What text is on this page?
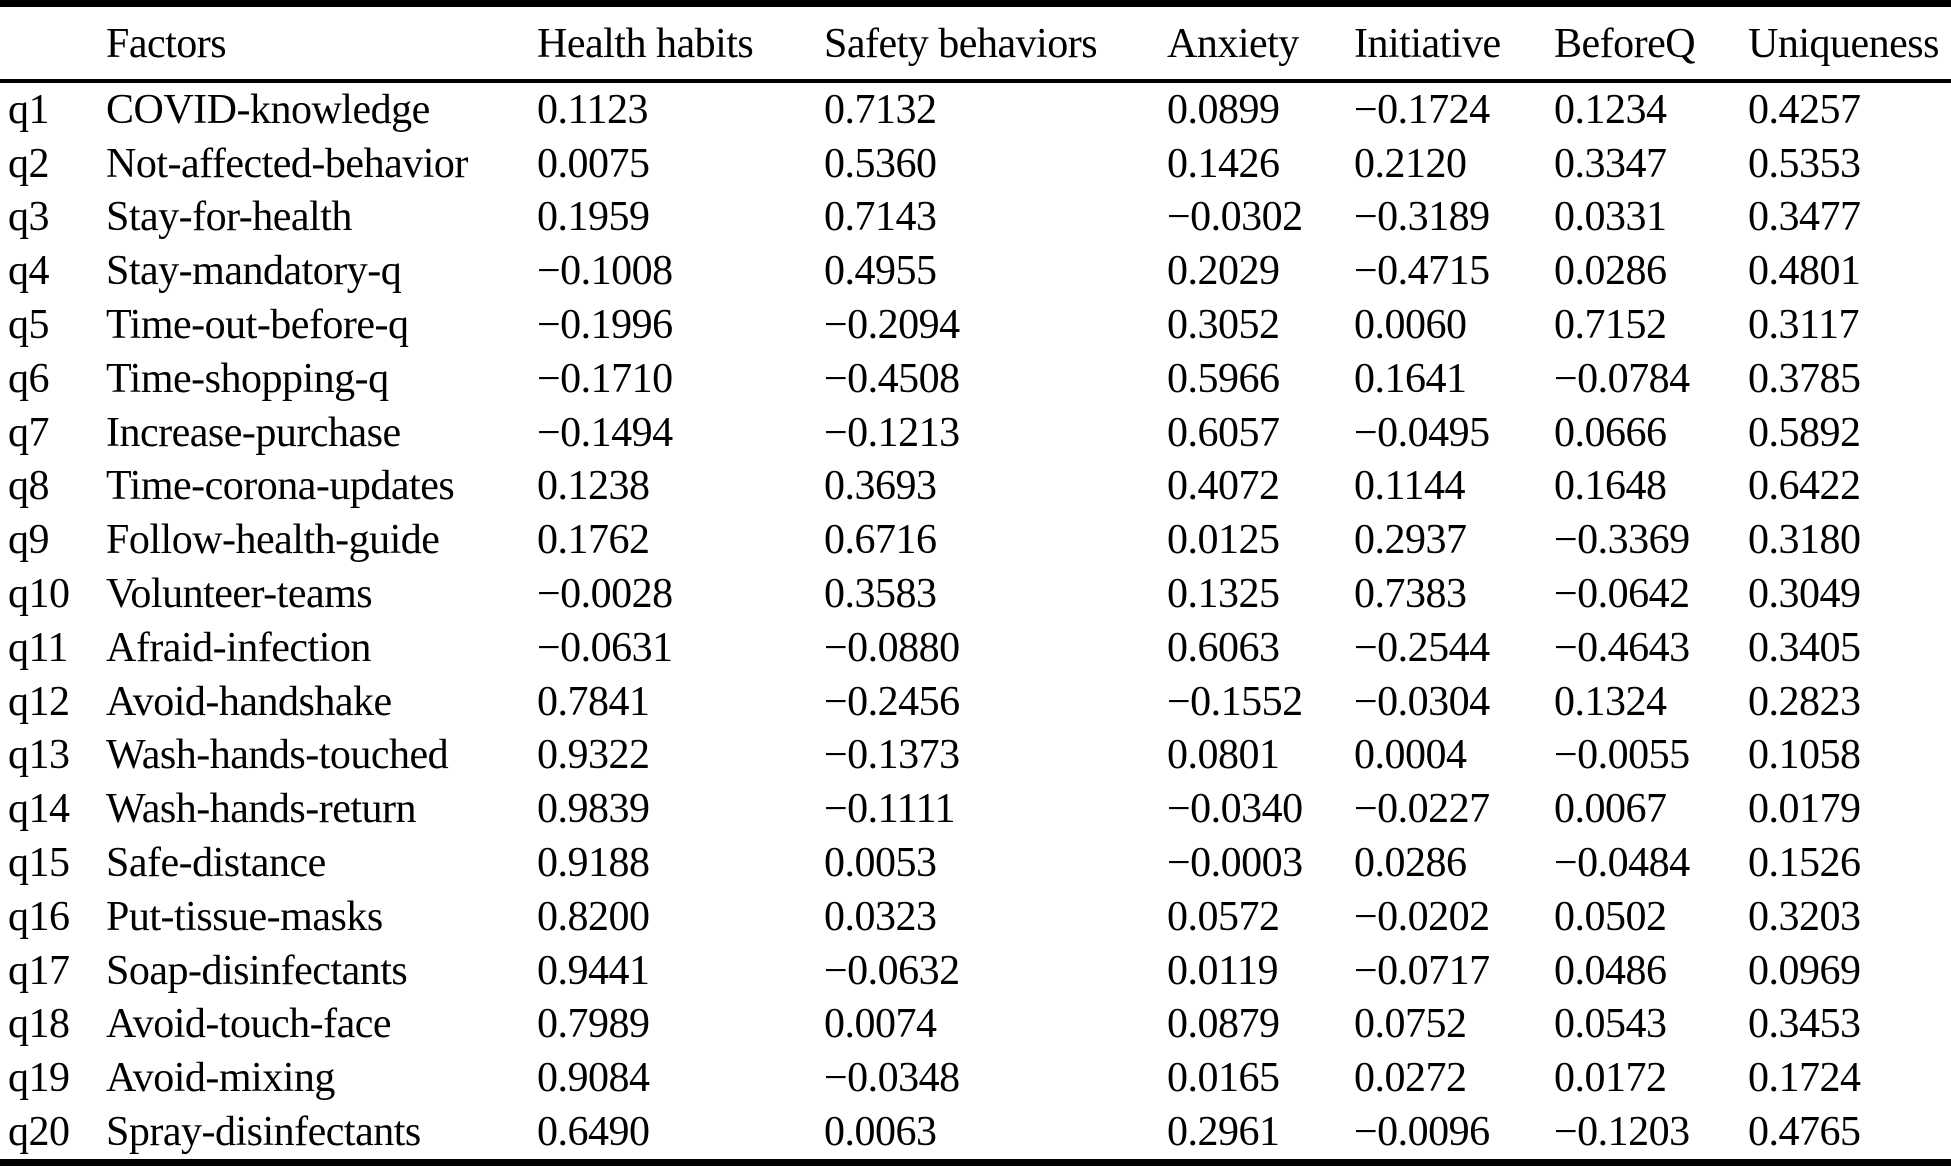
	Factors	Health habits	Safety behaviors	Anxiety	Initiative	BeforeQ	Uniqueness
q1	COVID-knowledge	0.1123	0.7132	0.0899	−0.1724	0.1234	0.4257
q2	Not-affected-behavior	0.0075	0.5360	0.1426	0.2120	0.3347	0.5353
q3	Stay-for-health	0.1959	0.7143	−0.0302	−0.3189	0.0331	0.3477
q4	Stay-mandatory-q	−0.1008	0.4955	0.2029	−0.4715	0.0286	0.4801
q5	Time-out-before-q	−0.1996	−0.2094	0.3052	0.0060	0.7152	0.3117
q6	Time-shopping-q	−0.1710	−0.4508	0.5966	0.1641	−0.0784	0.3785
q7	Increase-purchase	−0.1494	−0.1213	0.6057	−0.0495	0.0666	0.5892
q8	Time-corona-updates	0.1238	0.3693	0.4072	0.1144	0.1648	0.6422
q9	Follow-health-guide	0.1762	0.6716	0.0125	0.2937	−0.3369	0.3180
q10	Volunteer-teams	−0.0028	0.3583	0.1325	0.7383	−0.0642	0.3049
q11	Afraid-infection	−0.0631	−0.0880	0.6063	−0.2544	−0.4643	0.3405
q12	Avoid-handshake	0.7841	−0.2456	−0.1552	−0.0304	0.1324	0.2823
q13	Wash-hands-touched	0.9322	−0.1373	0.0801	0.0004	−0.0055	0.1058
q14	Wash-hands-return	0.9839	−0.1111	−0.0340	−0.0227	0.0067	0.0179
q15	Safe-distance	0.9188	0.0053	−0.0003	0.0286	−0.0484	0.1526
q16	Put-tissue-masks	0.8200	0.0323	0.0572	−0.0202	0.0502	0.3203
q17	Soap-disinfectants	0.9441	−0.0632	0.0119	−0.0717	0.0486	0.0969
q18	Avoid-touch-face	0.7989	0.0074	0.0879	0.0752	0.0543	0.3453
q19	Avoid-mixing	0.9084	−0.0348	0.0165	0.0272	0.0172	0.1724
q20	Spray-disinfectants	0.6490	0.0063	0.2961	−0.0096	−0.1203	0.4765
